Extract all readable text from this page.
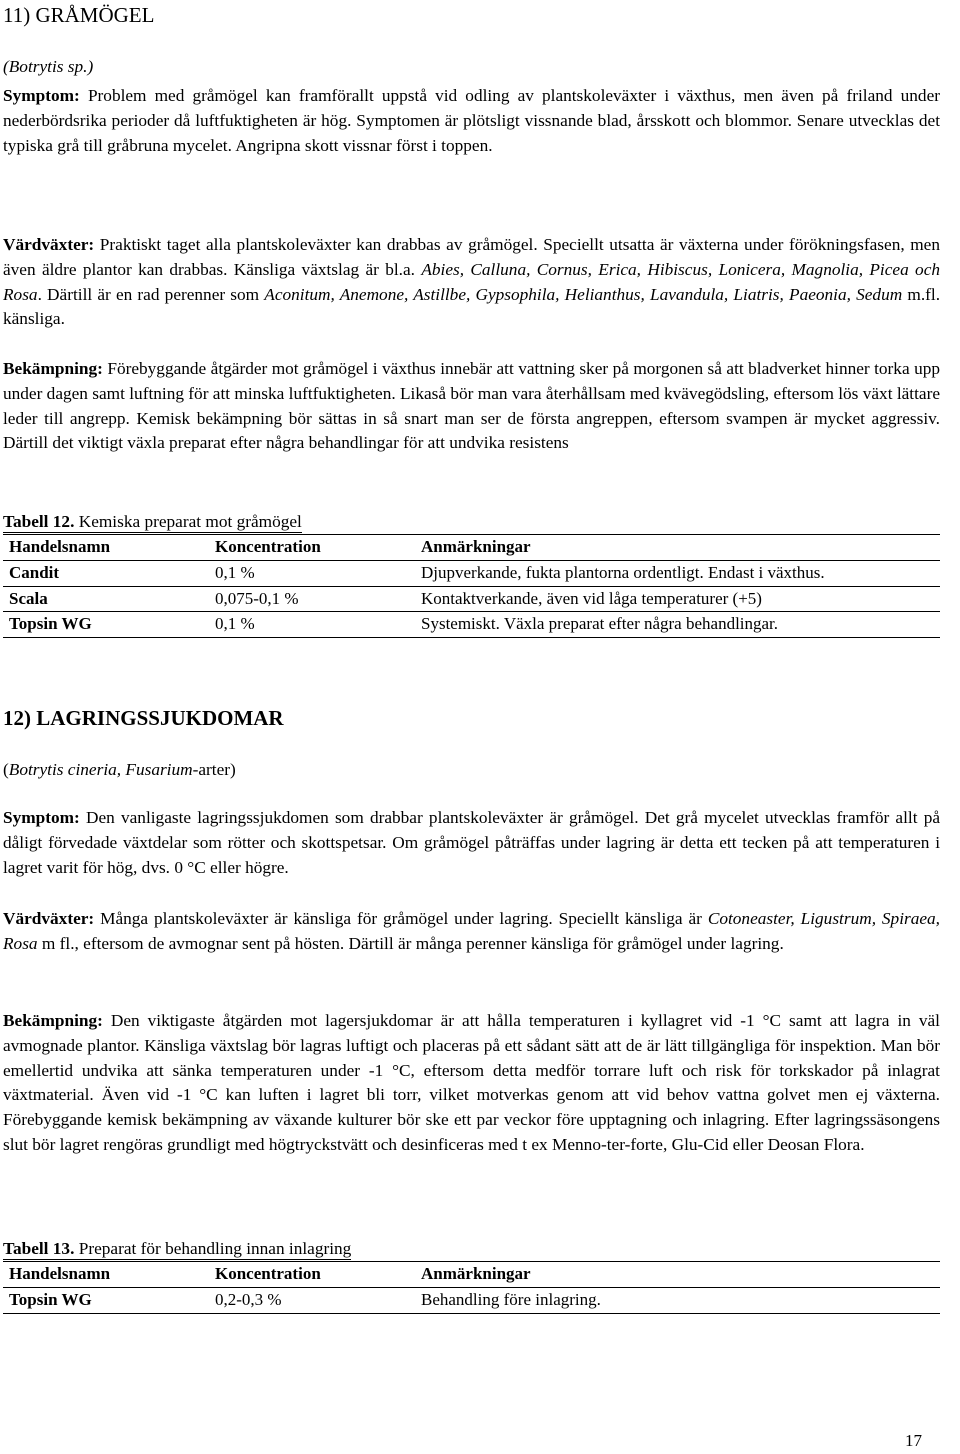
11) GRÅMÖGEL
(Botrytis sp.)

Symptom: Problem med gråmögel kan framförallt uppstå vid odling av plantskoleväxter i växthus, men även på friland under nederbördsrika perioder då luftfuktigheten är hög. Symptomen är plötsligt vissnande blad, årsskott och blommor. Senare utvecklas det typiska grå till gråbruna mycelet. Angripna skott vissnar först i toppen.

Värdväxter: Praktiskt taget alla plantskoleväxter kan drabbas av gråmögel. Speciellt utsatta är växterna under förökningsfasen, men även äldre plantor kan drabbas. Känsliga växtslag är bl.a. Abies, Calluna, Cornus, Erica, Hibiscus, Lonicera, Magnolia, Picea och Rosa. Därtill är en rad perenner som Aconitum, Anemone, Astillbe, Gypsophila, Helianthus, Lavandula, Liatris, Paeonia, Sedum m.fl. känsliga.

Bekämpning: Förebyggande åtgärder mot gråmögel i växthus innebär att vattning sker på morgonen så att bladverket hinner torka upp under dagen samt luftning för att minska luftfuktigheten. Likaså bör man vara återhållsam med kvävegödsling, eftersom lös växt lättare leder till angrepp. Kemisk bekämpning bör sättas in så snart man ser de första angreppen, eftersom svampen är mycket aggressiv. Därtill det viktigt växla preparat efter några behandlingar för att undvika resistens

Tabell 12. Kemiska preparat mot gråmögel
Handelsnamn	Koncentration	Anmärkningar
Candit	0,1 %	Djupverkande, fukta plantorna ordentligt. Endast i växthus.
Scala	0,075-0,1 %	Kontaktverkande, även vid låga temperaturer (+5)
Topsin WG	0,1 %	Systemiskt. Växla preparat efter några behandlingar.
12) LAGRINGSSJUKDOMAR
(Botrytis cineria, Fusarium-arter)

Symptom: Den vanligaste lagringssjukdomen som drabbar plantskoleväxter är gråmögel. Det grå mycelet utvecklas framför allt på dåligt förvedade växtdelar som rötter och skottspetsar. Om gråmögel påträffas under lagring är detta ett tecken på att temperaturen i lagret varit för hög, dvs. 0 °C eller högre.

Värdväxter: Många plantskoleväxter är känsliga för gråmögel under lagring. Speciellt känsliga är Cotoneaster, Ligustrum, Spiraea, Rosa m fl., eftersom de avmognar sent på hösten. Därtill är många perenner känsliga för gråmögel under lagring.

Bekämpning: Den viktigaste åtgärden mot lagersjukdomar är att hålla temperaturen i kyllagret vid -1 °C samt att lagra in väl avmognade plantor. Känsliga växtslag bör lagras luftigt och placeras på ett sådant sätt att de är lätt tillgängliga för inspektion. Man bör emellertid undvika att sänka temperaturen under -1 °C, eftersom detta medför torrare luft och risk för torkskador på inlagrat växtmaterial. Även vid -1 °C kan luften i lagret bli torr, vilket motverkas genom att vid behov vattna golvet men ej växterna. Förebyggande kemisk bekämpning av växande kulturer bör ske ett par veckor före upptagning och inlagring. Efter lagringssäsongens slut bör lagret rengöras grundligt med högtryckstvätt och desinficeras med t ex Menno-ter-forte, Glu-Cid eller Deosan Flora.

Tabell 13. Preparat för behandling innan inlagring
Handelsnamn	Koncentration	Anmärkningar
Topsin WG	0,2-0,3 %	Behandling före inlagring.
17
